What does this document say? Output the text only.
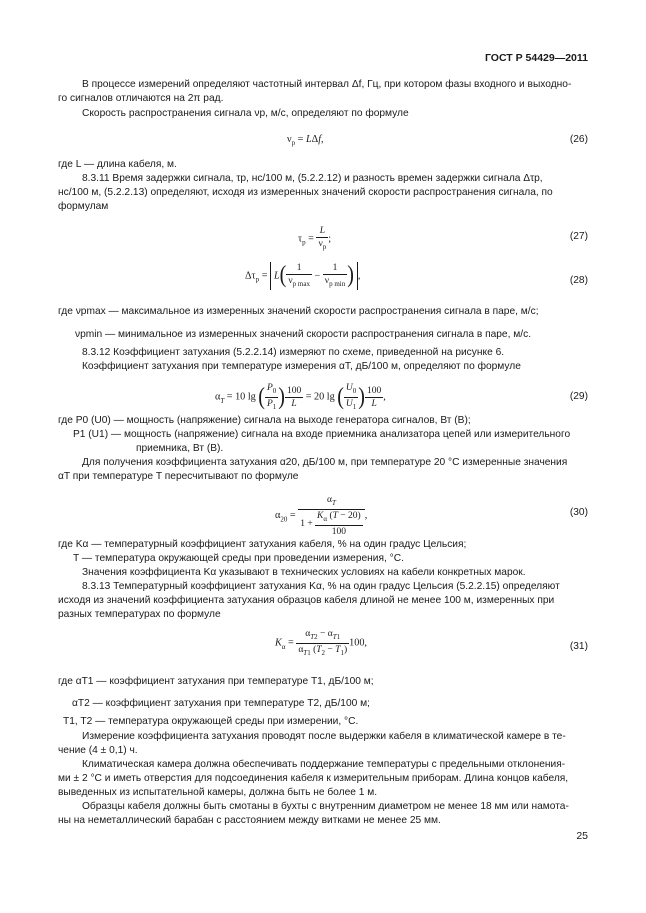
ГОСТ Р 54429—2011
В процессе измерений определяют частотный интервал Δf, Гц, при котором фазы входного и выходно-
го сигналов отличаются на 2π рад.
Скорость распространения сигнала νр, м/с, определяют по формуле
$\nu_р = L\Delta f$,	(26)
где L — длина кабеля, м.
8.3.11 Время задержки сигнала, τр, нс/100 м, (5.2.2.12) и разность времен задержки сигнала Δτр,
нс/100 м, (5.2.2.13) определяют, исходя из измеренных значений скорости распространения сигнала, по
формулам
$\tau_р = \frac{L}{\nu_р}$ ;	(27)
$\Delta\tau_р = L( \frac{1}{\nu_{р max}} - \frac{1}{\nu_{р min}}$ ) ,	(28)
где νрmax — максимальное из измеренных значений скорости распространения сигнала в паре, м/с;
νрmin — минимальное из измеренных значений скорости распространения сигнала в паре, м/с.
8.3.12 Коэффициент затухания (5.2.2.14) измеряют по схеме, приведенной на рисунке 6.
Коэффициент затухания при температуре измерения αT, дБ/100 м, определяют по формуле
$\alpha_T = 10$ lg ( $\frac{P_0}{P_1}$ ) $\frac{100}{L} = 20$ lg ( $\frac{U_0}{U_1}$ ) $\frac{100}{L}$ ,	(29)
где P0 (U0) — мощность (напряжение) сигнала на выходе генератора сигналов, Вт (В);
P1 (U1) — мощность (напряжение) сигнала на входе приемника анализатора цепей или измерительного
приемника, Вт (В).
Для получения коэффициента затухания α20, дБ/100 м, при температуре 20 °С измеренные значения
αT при температуре T пересчитывают по формуле
$\alpha_{20} = \frac{\alpha_T}{1 + \frac{K_\alpha (T - 20)}{100}}$ ,	(30)
где Kα — температурный коэффициент затухания кабеля, % на один градус Цельсия;
T — температура окружающей среды при проведении измерения, °С.
Значения коэффициента Kα указывают в технических условиях на кабели конкретных марок.
8.3.13 Температурный коэффициент затухания Kα, % на один градус Цельсия (5.2.2.15) определяют
исходя из значений коэффициента затухания образцов кабеля длиной не менее 100 м, измеренных при
разных температурах по формуле
$K_\alpha = \frac{\alpha_{T2} - \alpha_{T1}}{\alpha_{T1} (T_2 - T_1)} 100$,	(31)
где αT1 — коэффициент затухания при температуре T1, дБ/100 м;
αT2 — коэффициент затухания при температуре T2, дБ/100 м;
T1, T2 — температура окружающей среды при измерении, °С.
Измерение коэффициента затухания проводят после выдержки кабеля в климатической камере в те-
чение (4 ± 0,1) ч.
Климатическая камера должна обеспечивать поддержание температуры с предельными отклонения-
ми ± 2 °С и иметь отверстия для подсоединения кабеля к измерительным приборам. Длина концов кабеля,
выведенных из испытательной камеры, должна быть не более 1 м.
Образцы кабеля должны быть смотаны в бухты с внутренним диаметром не менее 18 мм или намота-
ны на неметаллический барабан с расстоянием между витками не менее 25 мм.
25
